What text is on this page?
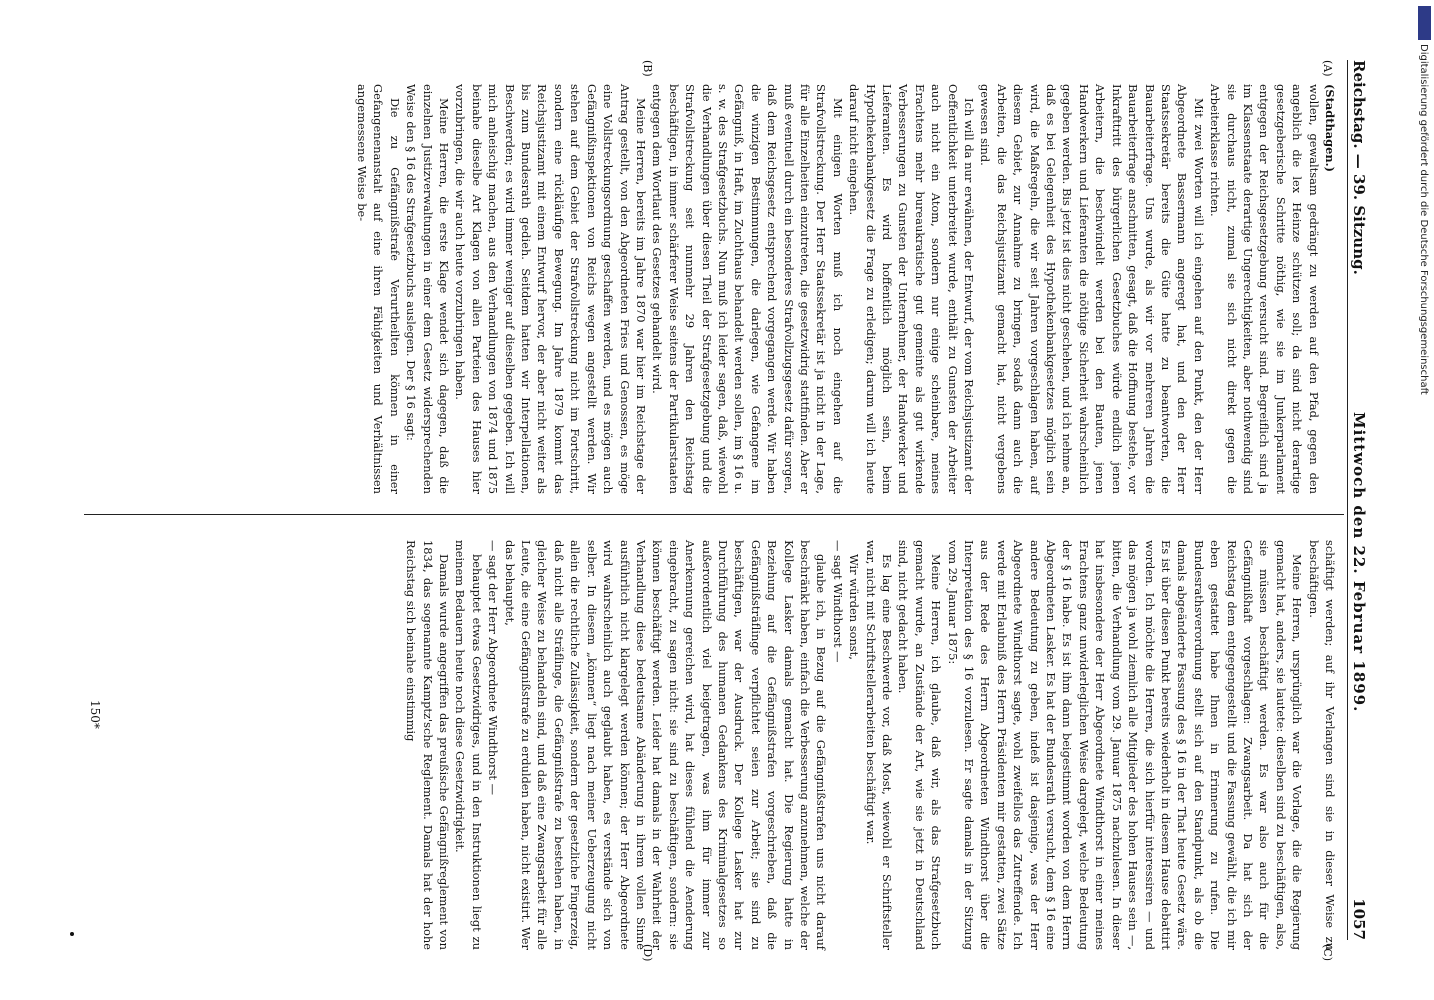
Reichstag. — 39. Sitzung.
Mittwoch den 22. Februar 1899.
1057
(A)
(B)
(C)
(D)

(Stadthagen.)

wollen, gewaltsam gedrängt zu werden auf den Pfad, gegen den angeblich die lex Heinze schützen soll; da sind nicht derartige gesetzgeberische Schritte nöthig, wie sie im Junkerparlament entgegen der Reichsgesetzgebung versucht sind. Begreiflich sind ja im Klassenstaate derartige Ungerechtigkeiten, aber nothwendig sind sie durchaus nicht, zumal sie sich nicht direkt gegen die Arbeiterklasse richten.

Mit zwei Worten will ich eingehen auf den Punkt, den der Herr Abgeordnete Bassermann angeregt hat, und den der Herr Staatssekretär bereits die Güte hatte zu beantworten, die Bauarbeiterfrage. Uns wurde, als wir vor mehreren Jahren die Bauarbeiterfrage anschnitten, gesagt, daß die Hoffnung bestehe, vor Inkrafttritt des bürgerlichen Gesetzbuches würde endlich jenen Arbeitern, die beschwindelt werden bei den Bauten, jenen Handwerkern und Lieferanten die nöthige Sicherheit wahrscheinlich gegeben werden. Bis jetzt ist dies nicht geschehen, und ich nehme an, daß es bei Gelegenheit des Hypothekenbankgesetzes möglich sein wird, die Maßregeln, die wir seit Jahren vorgeschlagen haben, auf diesem Gebiet, zur Annahme zu bringen, sodaß dann auch die Arbeiten, die das Reichsjustizamt gemacht hat, nicht vergebens gewesen sind.

Ich will da nur erwähnen, der Entwurf, der vom Reichsjustizamt der Oeffentlichkeit unterbreitet wurde, enthält zu Gunsten der Arbeiter auch nicht ein Atom, sondern nur einige scheinbare, meines Erachtens mehr bureaukratische gut gemeinte als gut wirkende Verbesserungen zu Gunsten der Unternehmer, der Handwerker und Lieferanten. Es wird hoffentlich möglich sein, beim Hypothekenbankgesetz die Frage zu erledigen; darum will ich heute darauf nicht eingehen.

Mit einigen Worten muß ich noch eingehen auf die Strafvollstreckung. Der Herr Staatssekretär ist ja nicht in der Lage, für alle Einzelheiten einzutreten, die gesetzwidrig stattfinden. Aber er muß eventuell durch ein besonderes Strafvollzugsgesetz dafür sorgen, daß dem Reichsgesetz entsprechend vorgegangen werde. Wir haben die winzigen Bestimmungen, die darlegen, wie Gefangene im Gefängniß, in Haft, im Zuchthaus behandelt werden sollen, im § 16 u. s. w. des Strafgesetzbuchs. Nun muß ich leider sagen, daß, wiewohl die Verhandlungen über diesen Theil der Strafgesetzgebung und die Strafvollstreckung seit nunmehr 29 Jahren den Reichstag beschäftigen, in immer schärferer Weise seitens der Partikularstaaten entgegen dem Wortlaut des Gesetzes gehandelt wird.

Meine Herren, bereits im Jahre 1870 war hier im Reichstage der Antrag gestellt, von den Abgeordneten Fries und Genossen, es möge eine Vollstreckungsordnung geschaffen werden, und es mögen auch Gefängnißinspektionen von Reichs wegen angestellt werden. Wir stehen auf dem Gebiet der Strafvollstreckung nicht im Fortschritt, sondern eine rückläufige Bewegung. Im Jahre 1879 kommt das Reichsjustizamt mit einem Entwurf hervor, der aber nicht weiter als bis zum Bundesrath gedieh. Seitdem hatten wir Interpellationen, Beschwerden; es wird immer weniger auf dieselben gegeben. Ich will mich anheischig machen, aus den Verhandlungen von 1874 und 1875 beinahe dieselbe Art Klagen von allen Parteien des Hauses hier vorzubringen, die wir auch heute vorzubringen haben.

Meine Herren, die erste Klage wendet sich dagegen, daß die einzelnen Justizverwaltungen in einer dem Gesetz widersprechenden Weise den § 16 des Strafgesetzbuchs auslegen. Der § 16 sagt:

Die zu Gefängnißstrafe Verurtheilten können in einer Gefangenenanstalt auf eine ihren Fähigkeiten und Verhältnissen angemessene Weise be-

schäftigt werden; auf ihr Verlangen sind sie in dieser Weise zu beschäftigen.

Meine Herren, ursprünglich war die Vorlage, die die Regierung gemacht hat, anders, sie lautete: dieselben sind zu beschäftigen, also, sie müssen beschäftigt werden. Es war also auch für die Gefängnißhaft vorgeschlagen: Zwangsarbeit. Da hat sich der Reichstag dem entgegengestellt und die Fassung gewählt, die ich mir eben gestattet habe Ihnen in Erinnerung zu rufen. Die Bundesrathsverordnung stellt sich auf den Standpunkt, als ob die damals abgeänderte Fassung des § 16 in der That heute Gesetz wäre. Es ist über diesen Punkt bereits wiederholt in diesem Hause debattirt worden. Ich möchte die Herren, die sich hierfür interessiren — und das mögen ja wohl ziemlich alle Mitglieder des hohen Hauses sein —, bitten, die Verhandlung vom 29. Januar 1875 nachzulesen. In dieser hat insbesondere der Herr Abgeordnete Windthorst in einer meines Erachtens ganz unwiderleglichen Weise dargelegt, welche Bedeutung der § 16 habe. Es ist ihm dann beigestimmt worden von dem Herrn Abgeordneten Lasker. Es hat der Bundesrath versucht, dem § 16 eine andere Bedeutung zu geben, indeß ist dasjenige, was der Herr Abgeordnete Windthorst sagte, wohl zweifellos das Zutreffende. Ich werde mit Erlaubniß des Herrn Präsidenten mir gestatten, zwei Sätze aus der Rede des Herrn Abgeordneten Windthorst über die Interpretation des § 16 vorzulesen. Er sagte damals in der Sitzung vom 29. Januar 1875:

Meine Herren, ich glaube, daß wir, als das Strafgesetzbuch gemacht wurde, an Zustände der Art, wie sie jetzt in Deutschland sind, nicht gedacht haben.

Es lag eine Beschwerde vor, daß Most, wiewohl er Schriftsteller war, nicht mit Schriftstellerarbeiten beschäftigt war.

Wir würden sonst,

— sagt Windthorst —

glaube ich, in Bezug auf die Gefängnißstrafen uns nicht darauf beschränkt haben, einfach die Verbesserung anzunehmen, welche der Kollege Lasker damals gemacht hat. Die Regierung hatte in Beziehung auf die Gefängnißstrafen vorgeschrieben, daß die Gefängnißsträflinge verpflichtet seien zur Arbeit; sie sind zu beschäftigen, war der Ausdruck. Der Kollege Lasker hat zur Durchführung des humanen Gedankens des Kriminalgesetzes so außerordentlich viel beigetragen, was ihm für immer zur Anerkennung gereichen wird, hat dieses fühlend die Aenderung eingebracht, zu sagen nicht: sie sind zu beschäftigen, sondern: sie können beschäftigt werden. Leider hat damals in der Wahrheit der Verhandlung diese bedeutsame Abänderung in ihrem vollen Sinne ausführlich nicht klargelegt werden können; der Herr Abgeordnete wird wahrscheinlich auch geglaubt haben, es verstände sich von selber. In diesem „können“ liegt nach meiner Ueberzeugung nicht allein die rechtliche Zulässigkeit, sondern der gesetzliche Fingerzeig, daß nicht alle Sträflinge, die Gefängnißstrafe zu bestehen haben, in gleicher Weise zu behandeln sind, und daß eine Zwangsarbeit für alle Leute, die eine Gefängnißstrafe zu erdulden haben, nicht existirt. Wer das behauptet,

— sagt der Herr Abgeordnete Windthorst —

behauptet etwas Gesetzwidriges, und in den Instruktionen liegt zu meinem Bedauern heute noch diese Gesetzwidrigkeit.

Damals wurde angegriffen das preußische Gefängnißreglement von 1834, das sogenannte Kamptz'sche Reglement. Damals hat der hohe Reichstag sich beinahe einstimmig

150*
Digitalisierung gefördert durch die Deutsche Forschungsgemeinschaft
